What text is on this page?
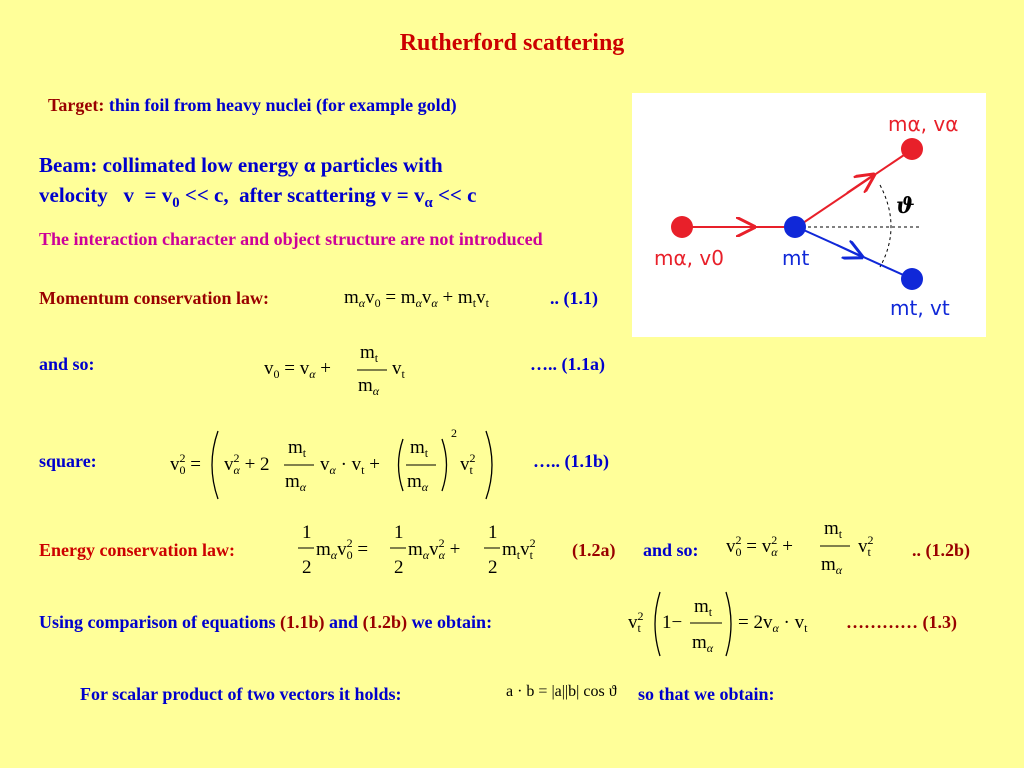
Rutherford scattering
Target: thin foil from heavy nuclei (for example gold)
Beam: collimated low energy α particles with
velocity   $v = v_0 << c$,  after scattering $v = v_\alpha << c$
The interaction character and object structure are not introduced
Momentum conservation law:	$m_\alpha v_0 = m_\alpha v_\alpha + m_tv_t$	.. (1.1)
and so:	$v_0 = v_\alpha$ +
$m_t$
$m_\alpha$
$v_t$	….. (1.1a)
square:	$v^2$ $0 = v^2$ α + 2
$m_t$
$m_\alpha$
$v_\alpha \cdot v_t$ +
$m_t$
$m_\alpha$
2
$v^2$ t	….. (1.1b)
Energy conservation law:
1
2
$m_\alpha v^2$ 0 =
1
2
$m_\alpha v^2$ α +
1
2
$m_tv^2$ t (1.2a) and so: $v^2$ $0 = v^2$ α +
$m_t$
$m_\alpha$
$v^2$ t .. (1.2b)
Using comparison of equations (1.1b) and (1.2b) we obtain:	$v^2$ t 1−
$m_t$
$m_\alpha$
= $2v_\alpha \cdot v_t$ ………… (1.3)
For scalar product of two vectors it holds:	a · b = |a||b| cos ϑ so that we obtain:
mα, vα
mα, v0	mt
mt, vt
ϑ
